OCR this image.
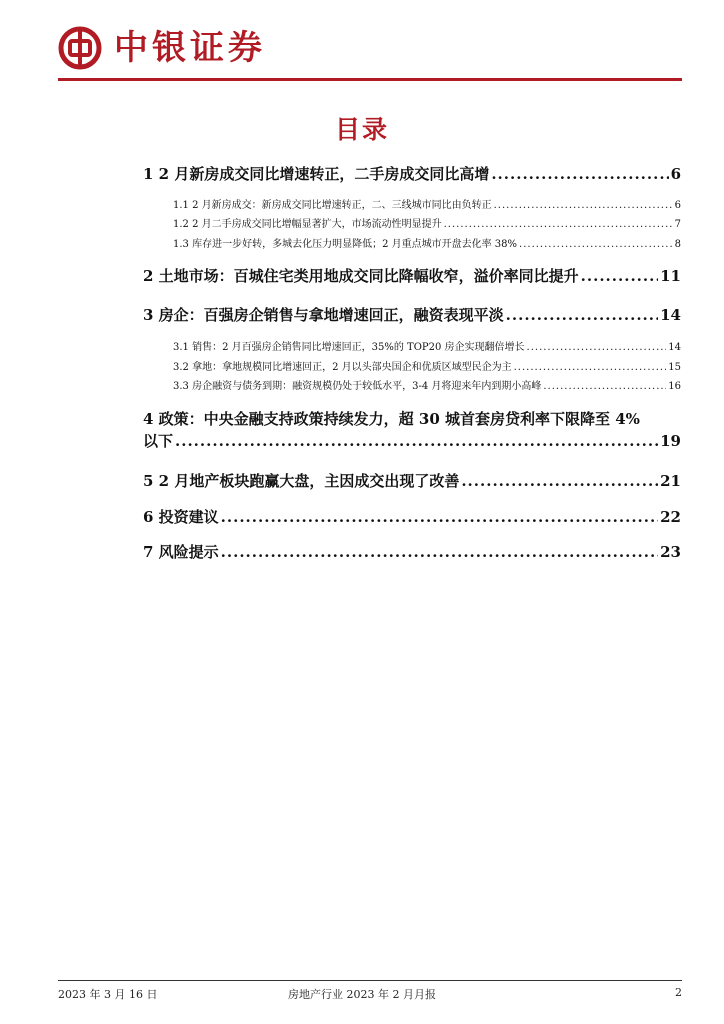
中银证券
目录
1 2 月新房成交同比增速转正，二手房成交同比高增 .....	6
1.1 2 月新房成交：新房成交同比增速转正，二、三线城市同比由负转正 .....	6
1.2 2 月二手房成交同比增幅显著扩大，市场流动性明显提升 .....	7
1.3 库存进一步好转，多城去化压力明显降低；2 月重点城市开盘去化率 38% .....	8
2 土地市场：百城住宅类用地成交同比降幅收窄，溢价率同比提升 .....	11
3 房企：百强房企销售与拿地增速回正，融资表现平淡 .....	14
3.1 销售：2 月百强房企销售同比增速回正，35%的 TOP20 房企实现翻倍增长 .....	14
3.2 拿地：拿地规模同比增速回正，2 月以头部央国企和优质区域型民企为主 .....	15
3.3 房企融资与债务到期：融资规模仍处于较低水平，3-4 月将迎来年内到期小高峰 .....	16
4 政策：中央金融支持政策持续发力，超 30 城首套房贷利率下限降至 4%
以下 .....	19
5 2 月地产板块跑赢大盘，主因成交出现了改善 .....	21
6 投资建议 .....	22
7 风险提示 .....	23
2023 年 3 月 16 日	房地产行业 2023 年 2 月月报	2
